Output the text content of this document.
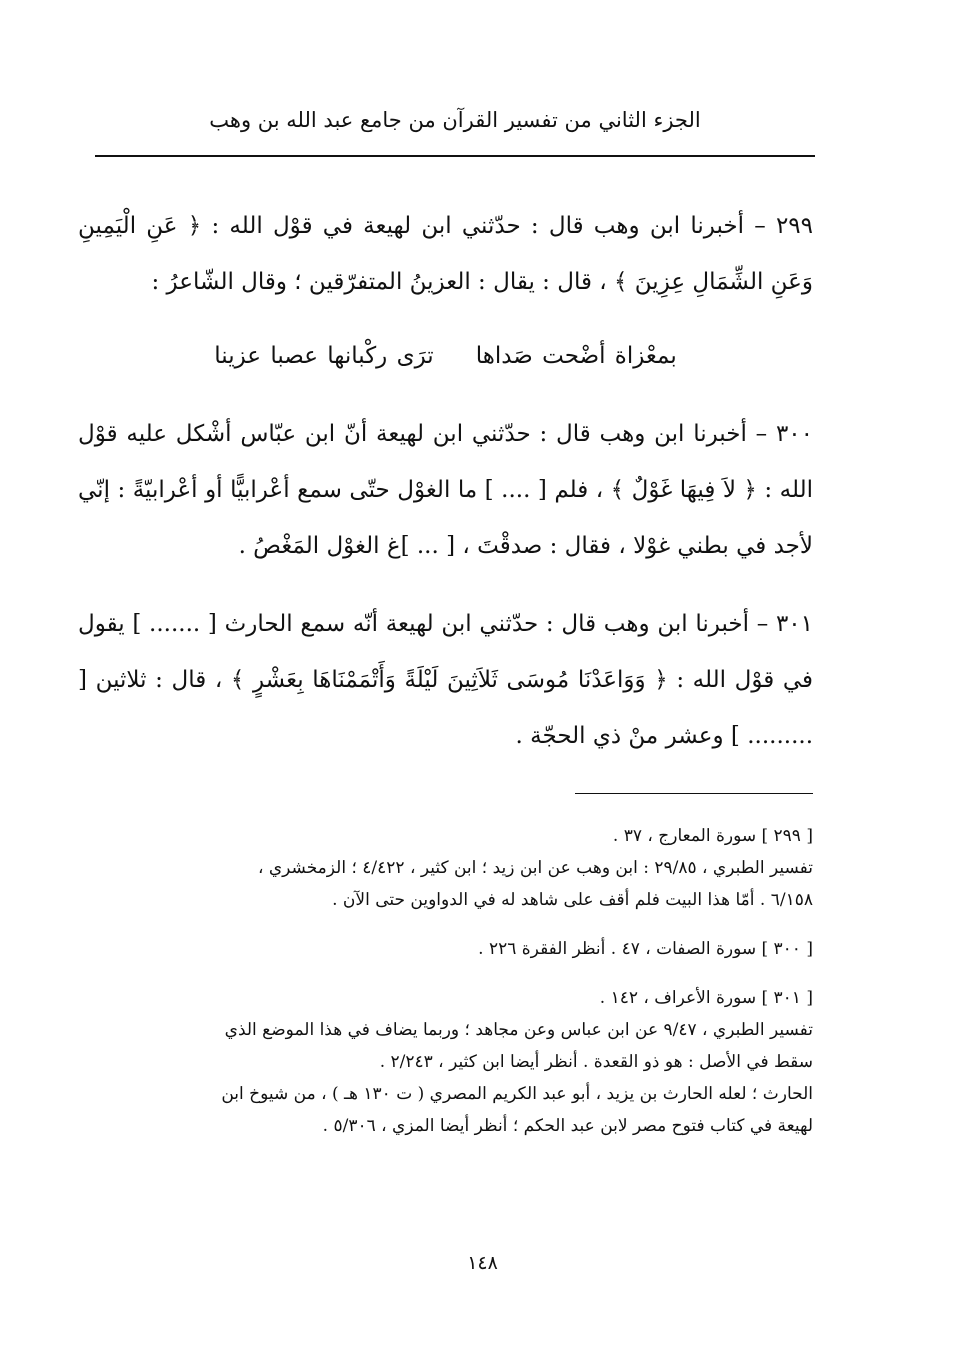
الجزء الثاني من تفسير القرآن من جامع عبد الله بن وهب

٢٩٩ – أخبرنا ابن وهب قال : حدّثني ابن لهيعة في قوْل الله : ﴿ عَنِ الْيَمِينِ وَعَنِ الشِّمَالِ عِزِينَ ﴾ ، قال : يقال : العزينُ المتفرّقين ؛ وقال الشّاعرُ :

بمعْزاة أضْحت صَداهاترَى ركْبانها عصبا عزينا

٣٠٠ – أخبرنا ابن وهب قال : حدّثني ابن لهيعة أنّ ابن عبّاس أشْكل عليه قوْل الله : ﴿ لاَ فِيهَا غَوْلٌ ﴾ ، فلم [ .... ] ما الغوْل حتّى سمع أعْرابيًّا أو أعْرابيّةً : إنّي لأجد في بطني غوْلا ، فقال : صدقْتَ ، [ ... ]غ الغوْل المَغْصُ .

٣٠١ – أخبرنا ابن وهب قال : حدّثني ابن لهيعة أنّه سمع الحارث [ ....... ] يقول في قوْل الله : ﴿ وَوَاعَدْنَا مُوسَى ثَلاَثِينَ لَيْلَةً وَأَتْمَمْنَاهَا بِعَشْرٍ ﴾ ، قال : ثلاثين [ ......... ] وعشر منْ ذي الحجّة .

[ ٢٩٩ ] سورة المعارج ، ٣٧ .

تفسير الطبري ، ٢٩/٨٥ : ابن وهب عن ابن زيد ؛ ابن كثير ، ٤/٤٢٢ ؛ الزمخشري ،

٦/١٥٨ . أمّا هذا البيت فلم أقف على شاهد له في الدواوين حتى الآن .

[ ٣٠٠ ] سورة الصفات ، ٤٧ . أنظر الفقرة ٢٢٦ .

[ ٣٠١ ] سورة الأعراف ، ١٤٢ .

تفسير الطبري ، ٩/٤٧ عن ابن عباس وعن مجاهد ؛ وربما يضاف في هذا الموضع الذي

سقط في الأصل : هو ذو القعدة . أنظر أيضا ابن كثير ، ٢/٢٤٣ .

الحارث ؛ لعله الحارث بن يزيد ، أبو عبد الكريم المصري ( ت ١٣٠ هـ ) ، من شيوخ ابن

لهيعة في كتاب فتوح مصر لابن عبد الحكم ؛ أنظر أيضا المزي ، ٥/٣٠٦ .

١٤٨
